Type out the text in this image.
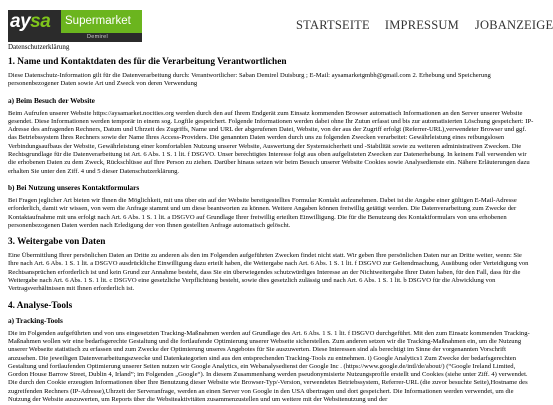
aysa	Supermarket
Demirel
STARTSEITE IMPRESSUM JOBANZEIGE
Datenschutzerklärung
1. Name und Kontaktdaten des für die Verarbeitung Verantwortlichen

Diese Datenschutz-Information gilt für die Datenverarbeitung durch: Verantwortlicher: Saban Demirel Duisburg ; E-Mail: aysamarketgmbh@gmail.com 2. Erhebung und Speicherung personenbezogener Daten sowie Art und Zweck von deren Verwendung

a) Beim Besuch der Website

Beim Aufrufen unserer Website https://aysamarket.nocities.org werden durch den auf Ihrem Endgerät zum Einsatz kommenden Browser automatisch Informationen an den Server unserer Website gesendet. Diese Informationen werden temporär in einem sog. Logfile gespeichert. Folgende Informationen werden dabei ohne Ihr Zutun erfasst und bis zur automatisierten Löschung gespeichert: IP-Adresse des anfragenden Rechners, Datum und Uhrzeit des Zugriffs, Name und URL der abgerufenen Datei, Website, von der aus der Zugriff erfolgt (Referrer-URL),verwendeter Browser und ggf. das Betriebssystem Ihres Rechners sowie der Name Ihres Access-Providers. Die genannten Daten werden durch uns zu folgenden Zwecken verarbeitet: Gewährleistung eines reibungslosen Verbindungsaufbaus der Website, Gewährleistung einer komfortablen Nutzung unserer Website, Auswertung der Systemsicherheit und -Stabilität sowie zu weiteren administrativen Zwecken. Die Rechtsgrundlage für die Datenverarbeitung ist Art. 6 Abs. 1 S. 1 lit. f DSGVO. Unser berechtigtes Interesse folgt aus oben aufgelisteten Zwecken zur Datenerhebung. In keinem Fall verwenden wir die erhobenen Daten zu dem Zweck, Rückschlüsse auf Ihre Person zu ziehen. Darüber hinaus setzen wir beim Besuch unserer Website Cookies sowie Analysedienste ein. Nähere Erläuterungen dazu erhalten Sie unter den Ziff. 4 und 5 dieser Datenschutzerklärung.

b) Bei Nutzung unseres Kontaktformulars

Bei Fragen jeglicher Art bieten wir Ihnen die Möglichkeit, mit uns über ein auf der Website bereitgestelltes Formular Kontakt aufzunehmen. Dabei ist die Angabe einer gültigen E-Mail-Adresse erforderlich, damit wir wissen, von wem die Anfrage stammt und um diese beantworten zu können. Weitere Angaben können freiwillig getätigt werden. Die Datenverarbeitung zum Zwecke der Kontaktaufnahme mit uns erfolgt nach Art. 6 Abs. 1 S. 1 lit. a DSGVO auf Grundlage Ihrer freiwillig erteilten Einwilligung. Die für die Benutzung des Kontaktformulars von uns erhobenen personenbezogenen Daten werden nach Erledigung der von Ihnen gestellten Anfrage automatisch gelöscht.

3. Weitergabe von Daten

Eine Übermittlung Ihrer persönlichen Daten an Dritte zu anderen als den im Folgenden aufgeführten Zwecken findet nicht statt. Wir geben Ihre persönlichen Daten nur an Dritte weiter, wenn: Sie Ihre nach Art. 6 Abs. 1 S. 1 lit. a DSGVO ausdrückliche Einwilligung dazu erteilt haben, die Weitergabe nach Art. 6 Abs. 1 S. 1 lit. f DSGVO zur Geltendmachung, Ausübung oder Verteidigung von Rechtsansprüchen erforderlich ist und kein Grund zur Annahme besteht, dass Sie ein überwiegendes schutzwürdiges Interesse an der Nichtweitergabe Ihrer Daten haben, für den Fall, dass für die Weitergabe nach Art. 6 Abs. 1 S. 1 lit. c DSGVO eine gesetzliche Verpflichtung besteht, sowie dies gesetzlich zulässig und nach Art. 6 Abs. 1 S. 1 lit. b DSGVO für die Abwicklung von Vertragsverhältnissen mit Ihnen erforderlich ist.

4. Analyse-Tools
a) Tracking-Tools

Die im Folgenden aufgeführten und von uns eingesetzten Tracking-Maßnahmen werden auf Grundlage des Art. 6 Abs. 1 S. 1 lit. f DSGVO durchgeführt. Mit den zum Einsatz kommenden Tracking-Maßnahmen wollen wir eine bedarfsgerechte Gestaltung und die fortlaufende Optimierung unserer Webseite sicherstellen. Zum anderen setzen wir die Tracking-Maßnahmen ein, um die Nutzung unserer Webseite statistisch zu erfassen und zum Zwecke der Optimierung unseres Angebotes für Sie auszuwerten. Diese Interessen sind als berechtigt im Sinne der vorgenannten Vorschrift anzusehen. Die jeweiligen Datenverarbeitungszwecke und Datenkategorien sind aus den entsprechenden Tracking-Tools zu entnehmen. i) Google Analytics1 Zum Zwecke der bedarfsgerechten Gestaltung und fortlaufenden Optimierung unserer Seiten nutzen wir Google Analytics, ein Webanalysedienst der Google Inc . (https://www.google.de/intl/de/about/) (“Google Ireland Limited, Gordon House Barrow Street, Dublin 4, Irland”; im Folgenden „Google“). In diesem Zusammenhang werden pseudonymisierte Nutzungsprofile erstellt und Cookies (siehe unter Ziff. 4) verwendet. Die durch den Cookie erzeugten Informationen über Ihre Benutzung dieser Website wie Browser-Typ/-Version, verwendetes Betriebssystem, Referrer-URL (die zuvor besuchte Seite),Hostname des zugreifenden Rechners (IP-Adresse),Uhrzeit der Serveranfrage, werden an einen Server von Google in den USA übertragen und dort gespeichert. Die Informationen werden verwendet, um die Nutzung der Website auszuwerten, um Reports über die Websiteaktivitäten zusammenzustellen und um weitere mit der Websitenutzung und der
